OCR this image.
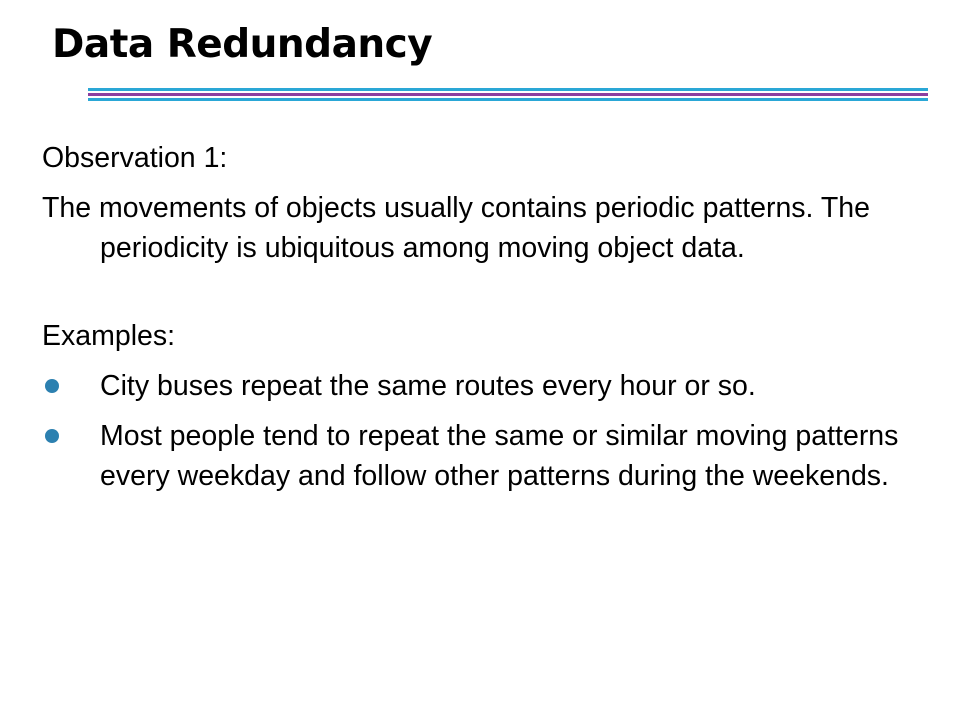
Data Redundancy

Observation 1:

The movements of objects usually contains periodic patterns. The periodicity is ubiquitous among moving object data.

Examples:

City buses repeat the same routes every hour or so.
Most people tend to repeat the same or similar moving patterns every weekday and follow other patterns during the weekends.
